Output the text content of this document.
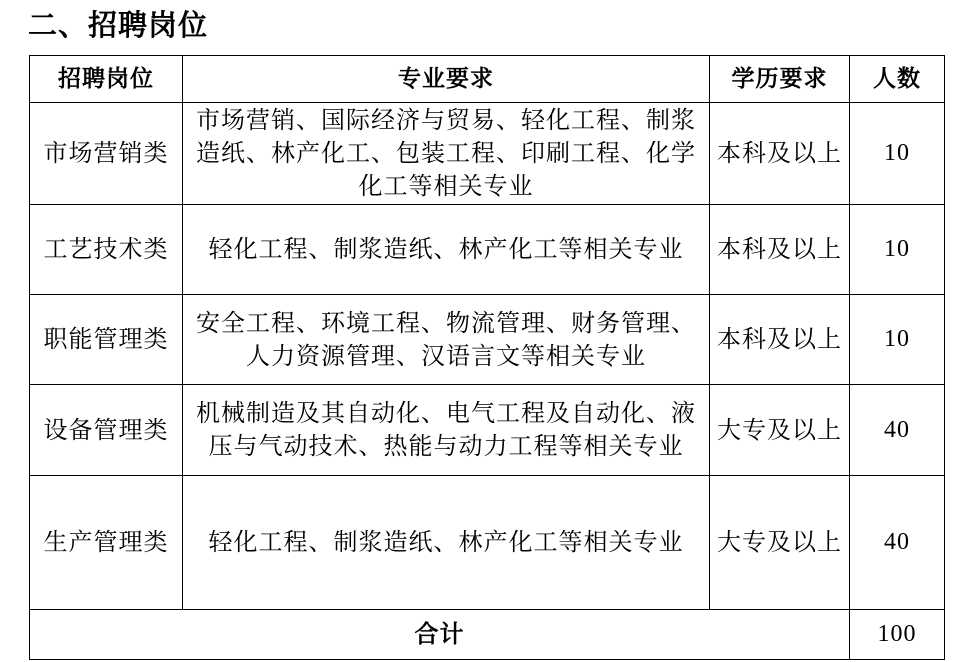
二、招聘岗位
招聘岗位	专业要求	学历要求	人数
市场营销类	市场营销、国际经济与贸易、轻化工程、制浆造纸、林产化工、包装工程、印刷工程、化学化工等相关专业	本科及以上	10
工艺技术类	轻化工程、制浆造纸、林产化工等相关专业	本科及以上	10
职能管理类	安全工程、环境工程、物流管理、财务管理、人力资源管理、汉语言文等相关专业	本科及以上	10
设备管理类	机械制造及其自动化、电气工程及自动化、液压与气动技术、热能与动力工程等相关专业	大专及以上	40
生产管理类	轻化工程、制浆造纸、林产化工等相关专业	大专及以上	40
合计			100
